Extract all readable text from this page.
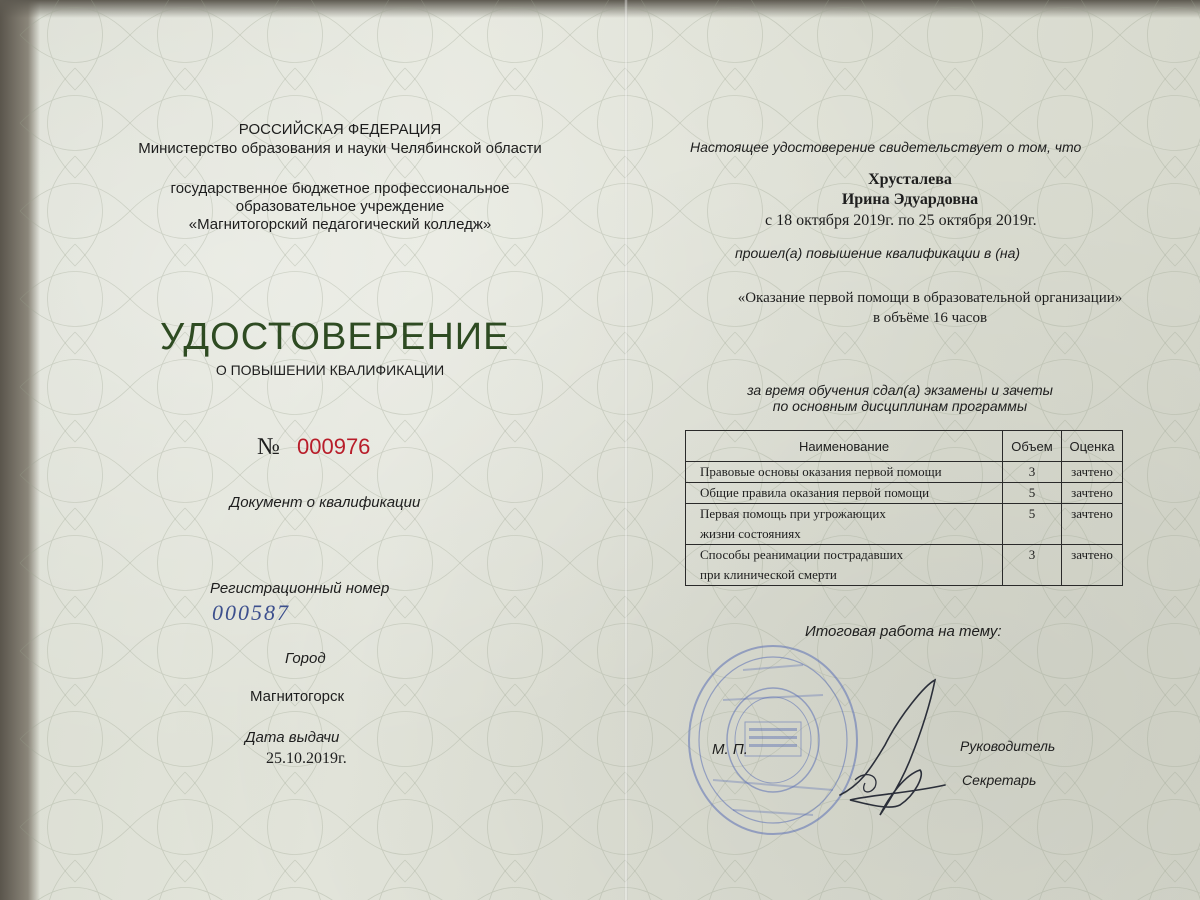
РОССИЙСКАЯ ФЕДЕРАЦИЯ
Министерство образования и науки Челябинской области
государственное бюджетное профессиональное
образовательное учреждение
«Магнитогорский педагогический колледж»
УДОСТОВЕРЕНИЕ
О ПОВЫШЕНИИ КВАЛИФИКАЦИИ
№ 000976
Документ о квалификации
Регистрационный номер
000587
Город
Магнитогорск
Дата выдачи
25.10.2019г.
Настоящее удостоверение свидетельствует о том, что
Хрусталева
Ирина Эдуардовна
с 18 октября 2019г. по 25 октября 2019г.
прошел(а) повышение квалификации в (на)
«Оказание первой помощи в образовательной организации»
в объёме 16 часов
за время обучения сдал(а) экзамены и зачеты
по основным дисциплинам программы
Наименование	Объем	Оценка
Правовые основы оказания первой помощи	3	зачтено
Общие правила оказания первой помощи	5	зачтено
Первая помощь при угрожающих	5	зачтено
жизни состояниях		
Способы реанимации пострадавших	3	зачтено
при клинической смерти		
Итоговая работа на тему:
М. П.	Руководитель
Секретарь
